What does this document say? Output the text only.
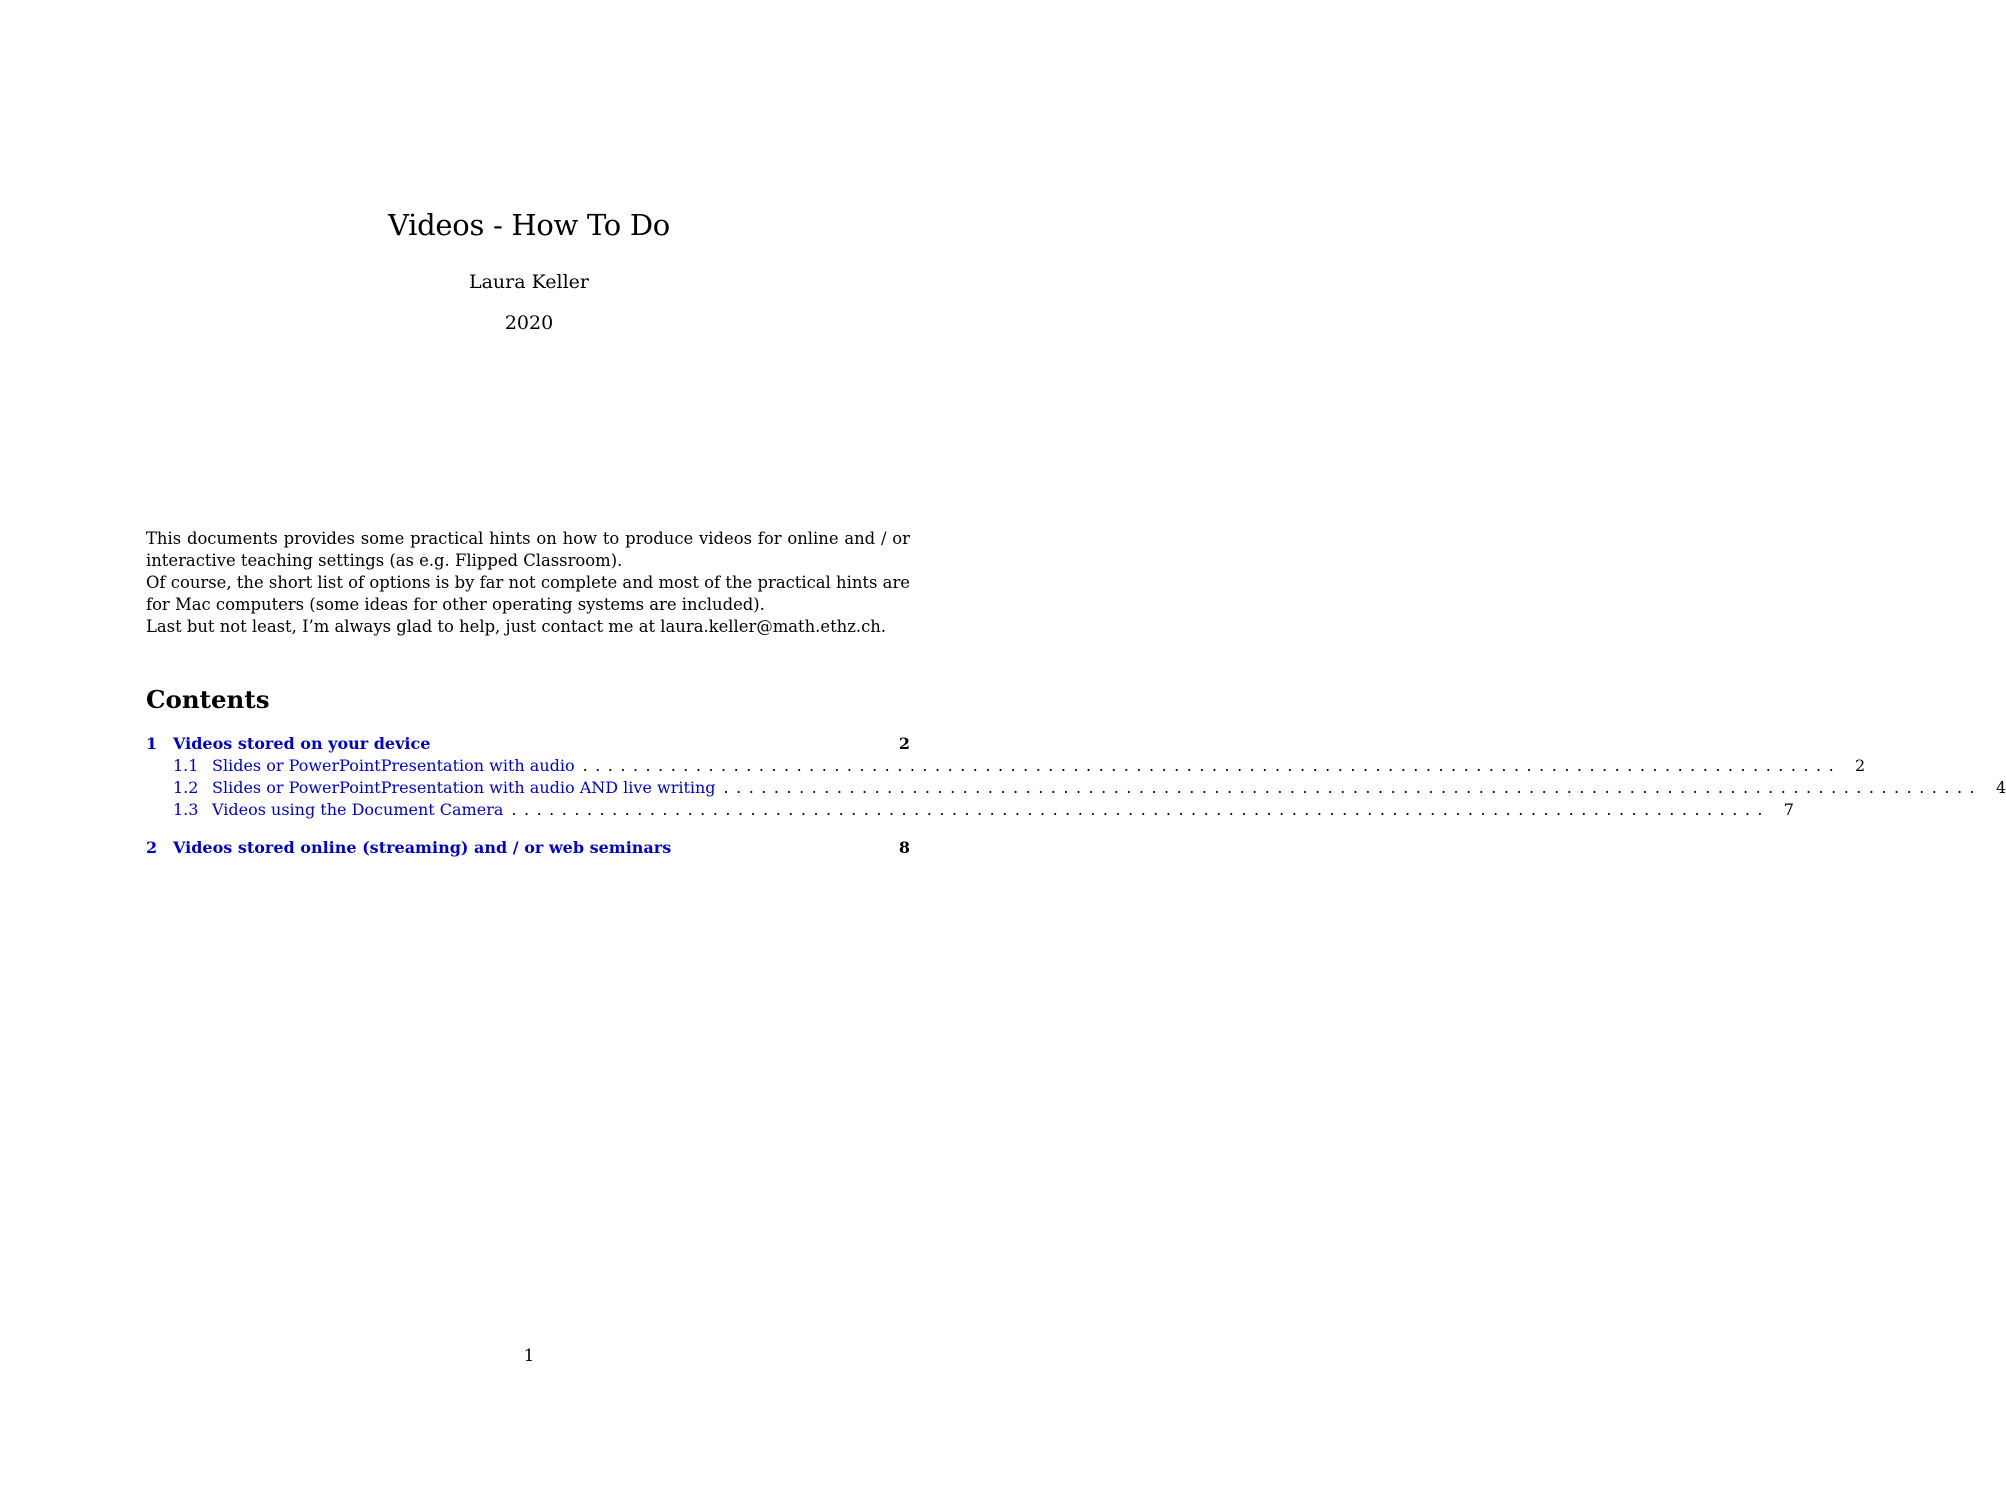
Videos - How To Do
Laura Keller
2020

This documents provides some practical hints on how to produce videos for online and / or interactive teaching settings (as e.g. Flipped Classroom).

Of course, the short list of options is by far not complete and most of the practical hints are for Mac computers (some ideas for other operating systems are included).

Last but not least, I’m always glad to help, just contact me at laura.keller@math.ethz.ch.

Contents
1 Videos stored on your device	2
1.1 Slides or PowerPointPresentation with audio .................................................................................................... 2
1.2 Slides or PowerPointPresentation with audio AND live writing .................................................................................................... 4
1.3 Videos using the Document Camera .................................................................................................... 7
2 Videos stored online (streaming) and / or web seminars	8
1
